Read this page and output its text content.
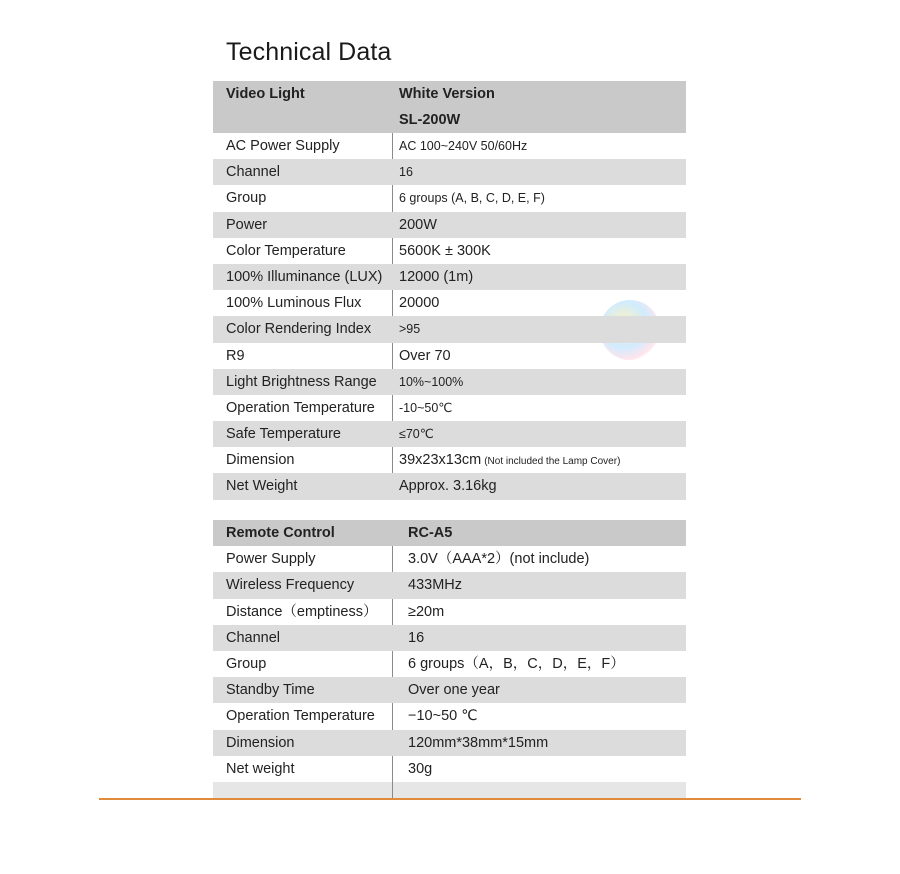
Technical Data
Video Light	White Version
SL-200W
AC Power Supply	AC 100~240V 50/60Hz
Channel	16
Group	6 groups (A, B, C, D, E, F)
Power	200W
Color Temperature	5600K ± 300K
100% Illuminance (LUX) 12000 (1m)
100% Luminous Flux	20000
Color Rendering Index >95
R9	Over 70
Light Brightness Range 10%~100%
Operation Temperature -10~50℃
Safe Temperature	≤70℃
Dimension	39x23x13cm (Not included the Lamp Cover)
Net Weight	Approx. 3.16kg
Remote Control	RC-A5
Power Supply	3.0V（AAA*2）(not include)
Wireless Frequency	433MHz
Distance（emptiness） ≥20m
Channel	16
Group	6 groups（A，B，C，D，E，F）
Standby Time	Over one year
Operation Temperature −10~50 ℃
Dimension	120mm*38mm*15mm
Net weight	30g
